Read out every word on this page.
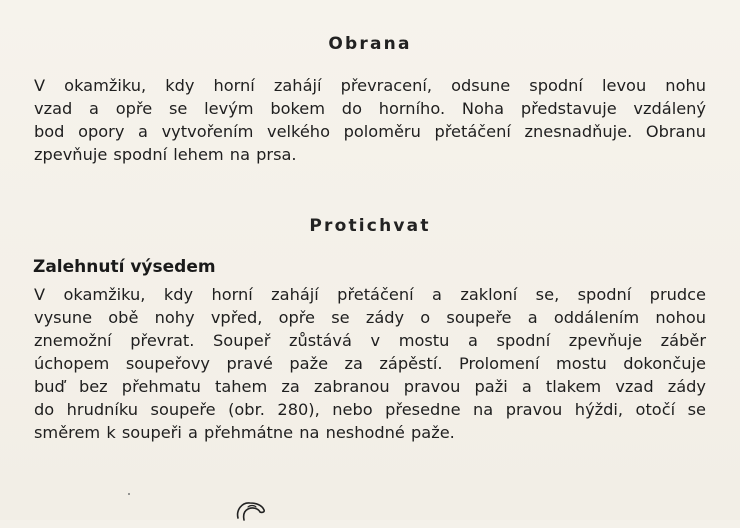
Obrana
V okamžiku, kdy horní zahájí převracení, odsune spodní levou nohu
vzad a opře se levým bokem do horního. Noha představuje vzdálený
bod opory a vytvořením velkého poloměru přetáčení znesnadňuje. Obranu
zpevňuje spodní lehem na prsa.
Protichvat
Zalehnutí výsedem
V okamžiku, kdy horní zahájí přetáčení a zakloní se, spodní prudce
vysune obě nohy vpřed, opře se zády o soupeře a oddálením nohou
znemožní převrat. Soupeř zůstává v mostu a spodní zpevňuje záběr
úchopem soupeřovy pravé paže za zápěstí. Prolomení mostu dokončuje
buď bez přehmatu tahem za zabranou pravou paži a tlakem vzad zády
do hrudníku soupeře (obr. 280), nebo přesedne na pravou hýždi, otočí se
směrem k soupeři a přehmátne na neshodné paže.
